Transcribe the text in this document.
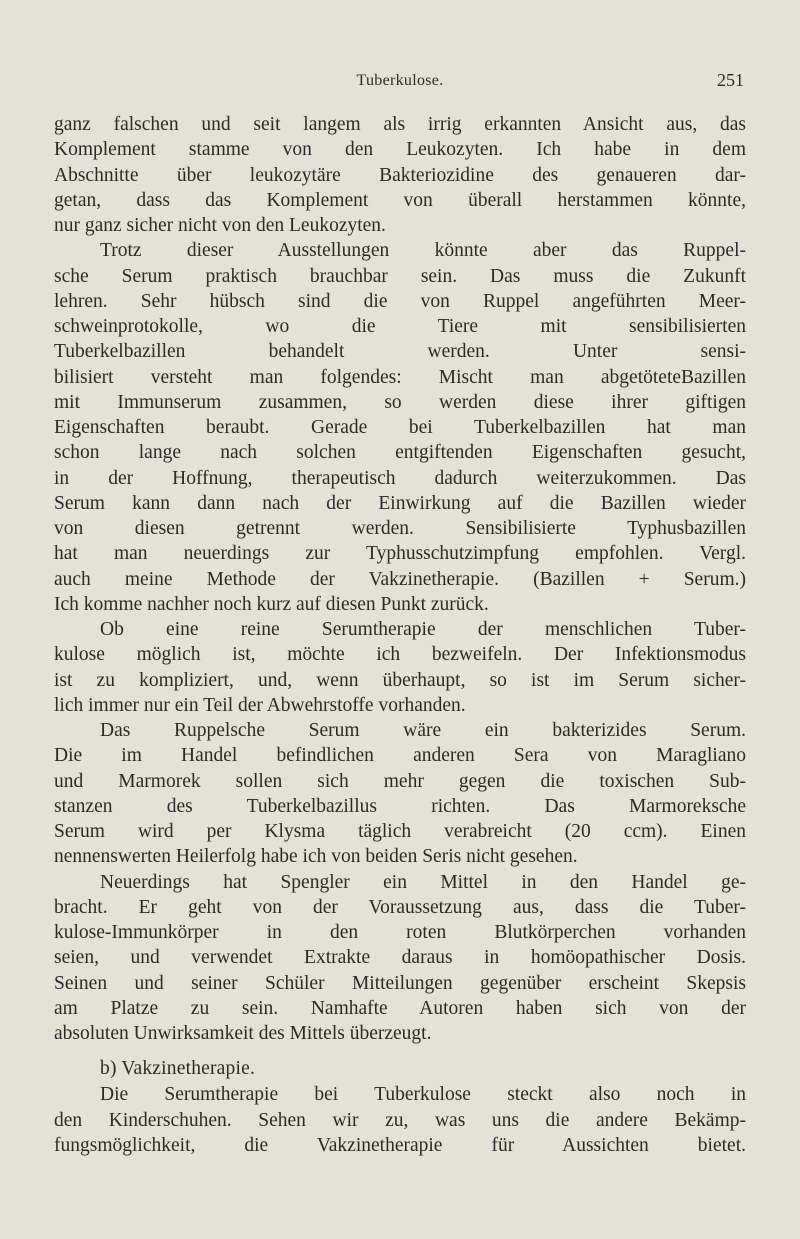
Tuberkulose.	251
ganz falschen und seit langem als irrig erkannten Ansicht aus, das
Komplement stamme von den Leukozyten. Ich habe in dem
Abschnitte über leukozytäre Bakteriozidine des genaueren dar-
getan, dass das Komplement von überall herstammen könnte,
nur ganz sicher nicht von den Leukozyten.
Trotz dieser Ausstellungen könnte aber das Ruppel-
sche Serum praktisch brauchbar sein. Das muss die Zukunft
lehren. Sehr hübsch sind die von Ruppel angeführten Meer-
schweinprotokolle, wo die Tiere mit sensibilisierten
Tuberkelbazillen behandelt werden. Unter sensi-
bilisiert versteht man folgendes: Mischt man abgetöteteBazillen
mit Immunserum zusammen, so werden diese ihrer giftigen
Eigenschaften beraubt. Gerade bei Tuberkelbazillen hat man
schon lange nach solchen entgiftenden Eigenschaften gesucht,
in der Hoffnung, therapeutisch dadurch weiterzukommen. Das
Serum kann dann nach der Einwirkung auf die Bazillen wieder
von diesen getrennt werden. Sensibilisierte Typhusbazillen
hat man neuerdings zur Typhusschutzimpfung empfohlen. Vergl.
auch meine Methode der Vakzinetherapie. (Bazillen + Serum.)
Ich komme nachher noch kurz auf diesen Punkt zurück.
Ob eine reine Serumtherapie der menschlichen Tuber-
kulose möglich ist, möchte ich bezweifeln. Der Infektionsmodus
ist zu kompliziert, und, wenn überhaupt, so ist im Serum sicher-
lich immer nur ein Teil der Abwehrstoffe vorhanden.
Das Ruppelsche Serum wäre ein bakterizides Serum.
Die im Handel befindlichen anderen Sera von Maragliano
und Marmorek sollen sich mehr gegen die toxischen Sub-
stanzen des Tuberkelbazillus richten. Das Marmoreksche
Serum wird per Klysma täglich verabreicht (20 ccm). Einen
nennenswerten Heilerfolg habe ich von beiden Seris nicht gesehen.
Neuerdings hat Spengler ein Mittel in den Handel ge-
bracht. Er geht von der Voraussetzung aus, dass die Tuber-
kulose-Immunkörper in den roten Blutkörperchen vorhanden
seien, und verwendet Extrakte daraus in homöopathischer Dosis.
Seinen und seiner Schüler Mitteilungen gegenüber erscheint Skepsis
am Platze zu sein. Namhafte Autoren haben sich von der
absoluten Unwirksamkeit des Mittels überzeugt.
b) Vakzinetherapie.
Die Serumtherapie bei Tuberkulose steckt also noch in
den Kinderschuhen. Sehen wir zu, was uns die andere Bekämp-
fungsmöglichkeit, die Vakzinetherapie für Aussichten bietet.
